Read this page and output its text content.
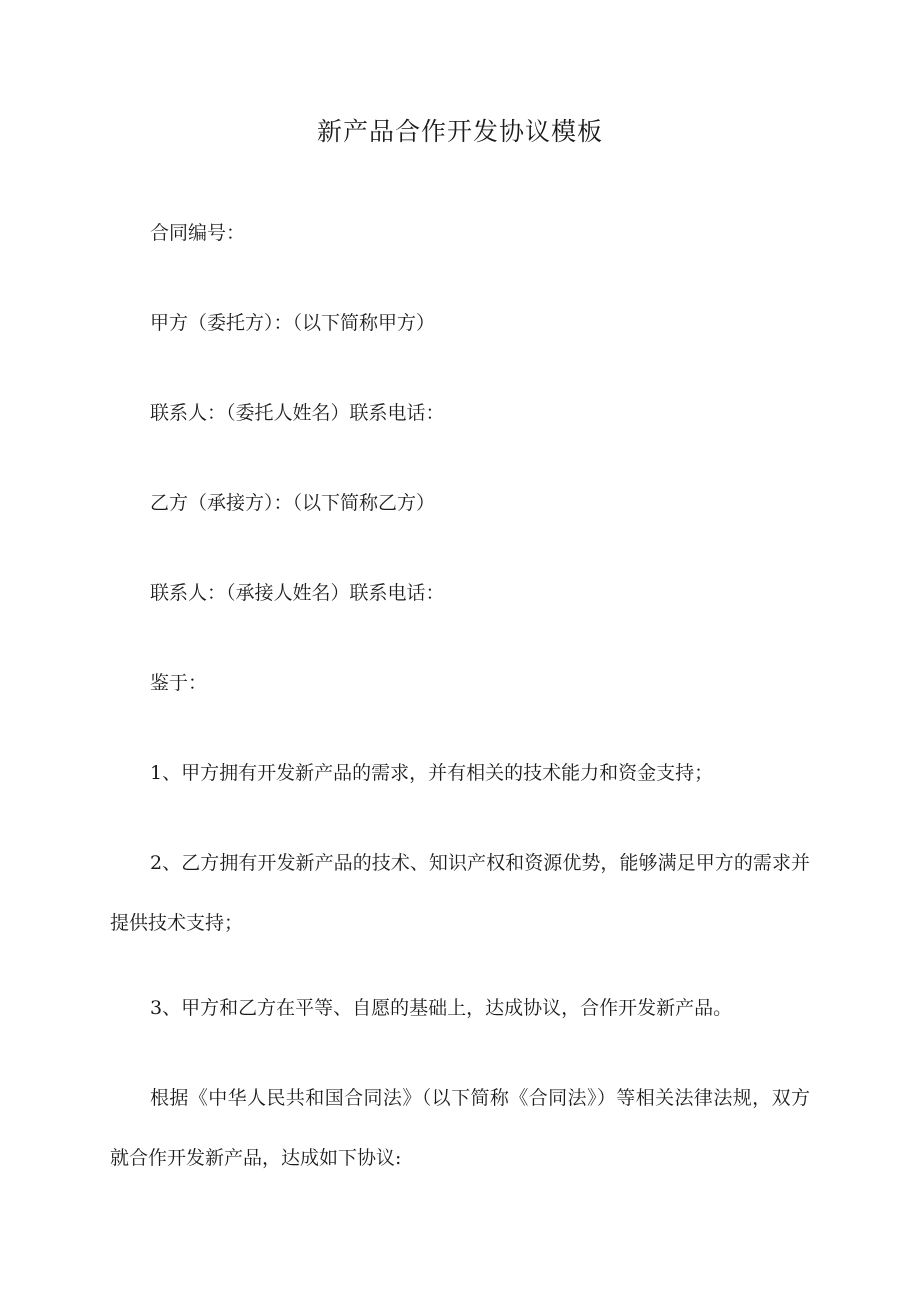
新产品合作开发协议模板
合同编号：
甲方（委托方）：（以下简称甲方）
联系人：（委托人姓名）联系电话：
乙方（承接方）：（以下简称乙方）
联系人：（承接人姓名）联系电话：
鉴于：
1、甲方拥有开发新产品的需求，并有相关的技术能力和资金支持；
2、乙方拥有开发新产品的技术、知识产权和资源优势，能够满足甲方的需求并提供技术支持；
3、甲方和乙方在平等、自愿的基础上，达成协议，合作开发新产品。
根据《中华人民共和国合同法》（以下简称《合同法》）等相关法律法规，双方就合作开发新产品，达成如下协议:
